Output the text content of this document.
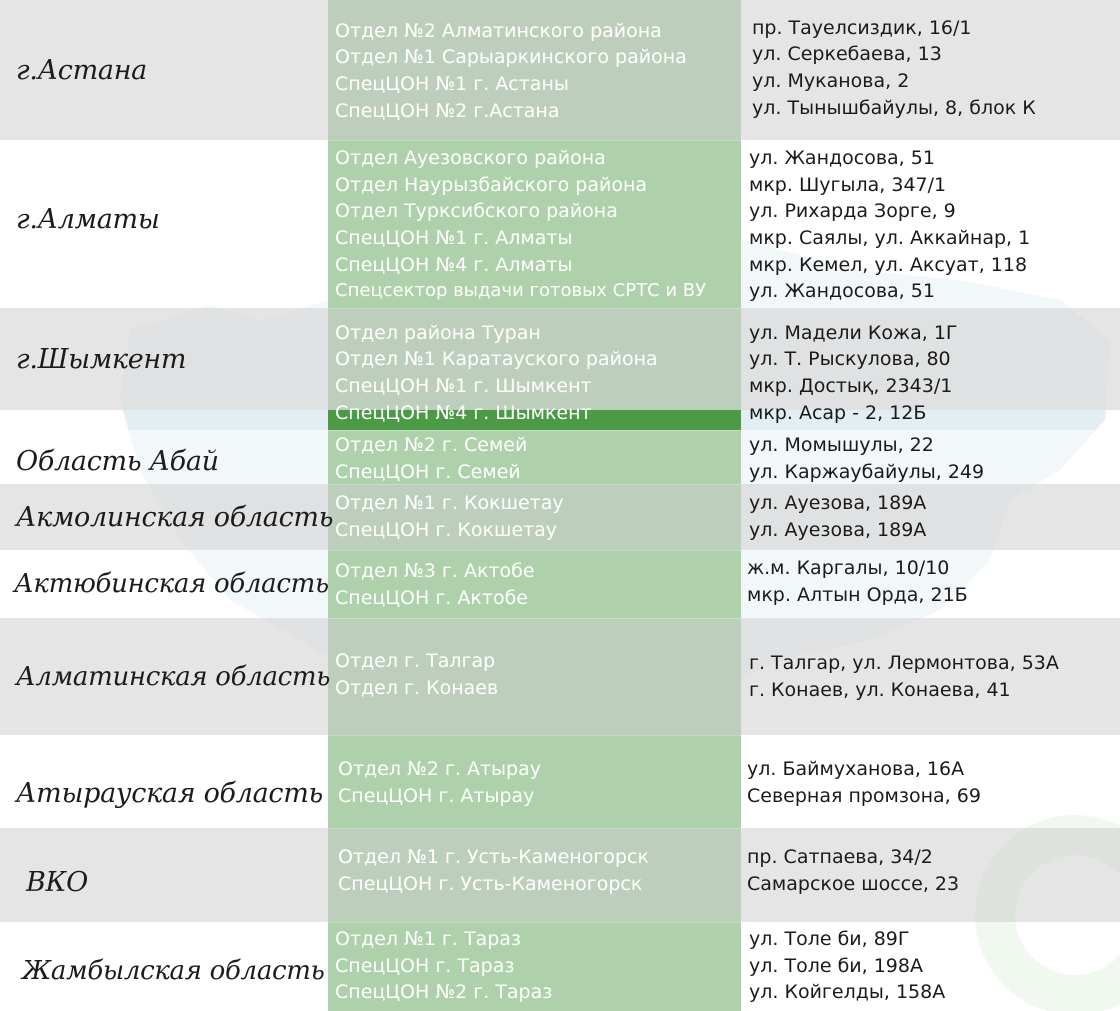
г.Астана
Отдел №2 Алматинского района
Отдел №1 Сарыаркинского района
СпецЦОН №1 г. Астаны
СпецЦОН №2 г.Астана
пр. Тауелсиздик, 16/1
ул. Серкебаева, 13
ул. Муканова, 2
ул. Тынышбайулы, 8, блок К
г.Алматы
Отдел Ауезовского района
Отдел Наурызбайского района
Отдел Турксибского района
СпецЦОН №1 г. Алматы
СпецЦОН №4 г. Алматы
Спецсектор выдачи готовых СРТС и ВУ
ул. Жандосова, 51
мкр. Шугыла, 347/1
ул. Рихарда Зорге, 9
мкр. Саялы, ул. Аккайнар, 1
мкр. Кемел, ул. Аксуат, 118
ул. Жандосова, 51
г.Шымкент
Отдел района Туран
Отдел №1 Каратауского района
СпецЦОН №1 г. Шымкент
СпецЦОН №4 г. Шымкент
ул. Мадели Кожа, 1Г
ул. Т. Рыскулова, 80
мкр. Достық, 2343/1
мкр. Асар - 2, 12Б
Область Абай
Отдел №2 г. Семей
СпецЦОН г. Семей
ул. Момышулы, 22
ул. Каржаубайулы, 249
Акмолинская область Отдел №1 г. Кокшетау
СпецЦОН г. Кокшетау
ул. Ауезова, 189А
ул. Ауезова, 189А
Актюбинская область Отдел №3 г. Актобе
СпецЦОН г. Актобе
ж.м. Каргалы, 10/10
мкр. Алтын Орда, 21Б
Алматинская область
Отдел г. Талгар
Отдел г. Конаев
г. Талгар, ул. Лермонтова, 53А
г. Конаев, ул. Конаева, 41
Атырауская область
Отдел №2 г. Атырау
СпецЦОН г. Атырау
ул. Баймуханова, 16А
Северная промзона, 69
ВКО
Отдел №1 г. Усть-Каменогорск
СпецЦОН г. Усть-Каменогорск
пр. Сатпаева, 34/2
Самарское шоссе, 23
Жамбылская область
Отдел №1 г. Тараз
СпецЦОН г. Тараз
СпецЦОН №2 г. Тараз
ул. Толе би, 89Г
ул. Толе би, 198А
ул. Койгелды, 158А
